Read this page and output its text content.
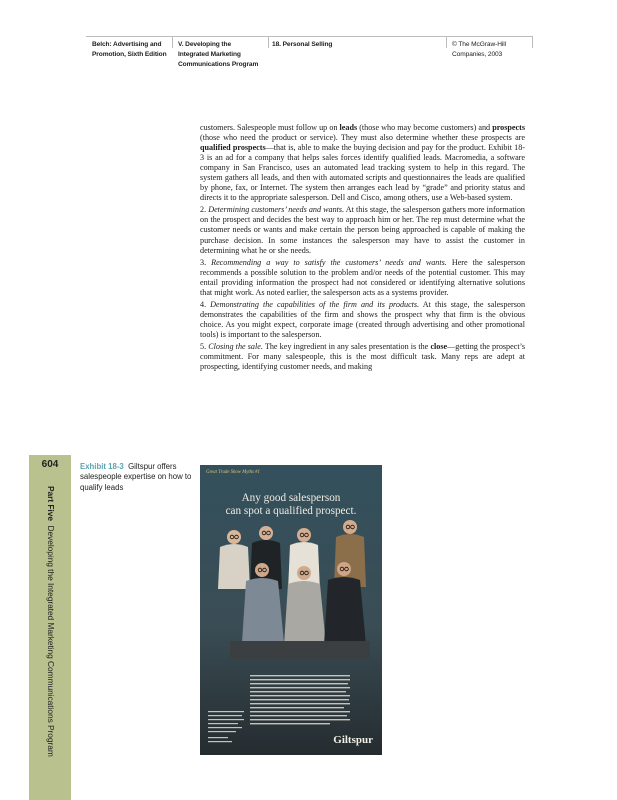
Belch: Advertising and
Promotion, Sixth Edition
V. Developing the
Integrated Marketing
Communications Program
18. Personal Selling	© The McGraw-Hill
Companies, 2003

customers. Salespeople must follow up on leads (those who may become customers) and prospects (those who need the product or service). They must also determine whether these prospects are qualified prospects—that is, able to make the buying decision and pay for the product. Exhibit 18-3 is an ad for a company that helps sales forces identify qualified leads. Macromedia, a software company in San Francisco, uses an automated lead tracking system to help in this regard. The system gathers all leads, and then with automated scripts and questionnaires the leads are qualified by phone, fax, or Internet. The system then arranges each lead by “grade” and priority status and directs it to the appropriate salesperson. Dell and Cisco, among others, use a Web-based system.

2. Determining customers’ needs and wants. At this stage, the salesperson gathers more information on the prospect and decides the best way to approach him or her. The rep must determine what the customer needs or wants and make certain the person being approached is capable of making the purchase decision. In some instances the salesperson may have to assist the customer in determining what he or she needs.

3. Recommending a way to satisfy the customers’ needs and wants. Here the salesperson recommends a possible solution to the problem and/or needs of the potential customer. This may entail providing information the prospect had not considered or identifying alternative solutions that might work. As noted earlier, the salesperson acts as a systems provider.

4. Demonstrating the capabilities of the firm and its products. At this stage, the salesperson demonstrates the capabilities of the firm and shows the prospect why that firm is the obvious choice. As you might expect, corporate image (created through advertising and other promotional tools) is important to the salesperson.

5. Closing the sale. The key ingredient in any sales presentation is the close—getting the prospect’s commitment. For many salespeople, this is the most difficult task. Many reps are adept at prospecting, identifying customer needs, and making

604
Part Five  Developing the Integrated Marketing Communications Program
Exhibit 18-3 Giltspur offers salespeople expertise on how to qualify leads
Great Trade Show Myths #1
Any good salesperson
can spot a qualified prospect.
Giltspur
